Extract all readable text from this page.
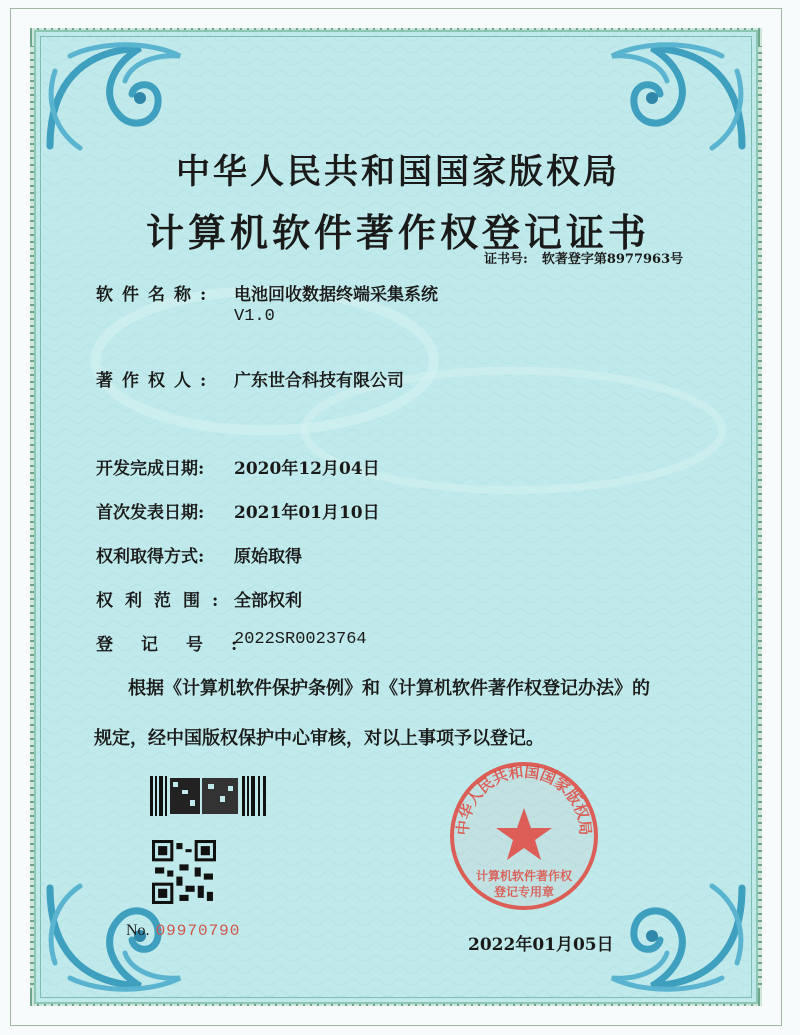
中华人民共和国国家版权局
计算机软件著作权登记证书
证书号: 软著登字第8977963号
软件名称: 电池回收数据终端采集系统
V1.0
著作权人: 广东世合科技有限公司
开发完成日期: 2020年12月04日
首次发表日期: 2021年01月10日
权利取得方式: 原始取得
权利范围: 全部权利
登记号:2022SR0023764
根据《计算机软件保护条例》和《计算机软件著作权登记办法》的
规定，经中国版权保护中心审核，对以上事项予以登记。
No. 09970790
中华人民共和国国家版权局
计算机软件著作权
登记专用章
2022年01月05日
